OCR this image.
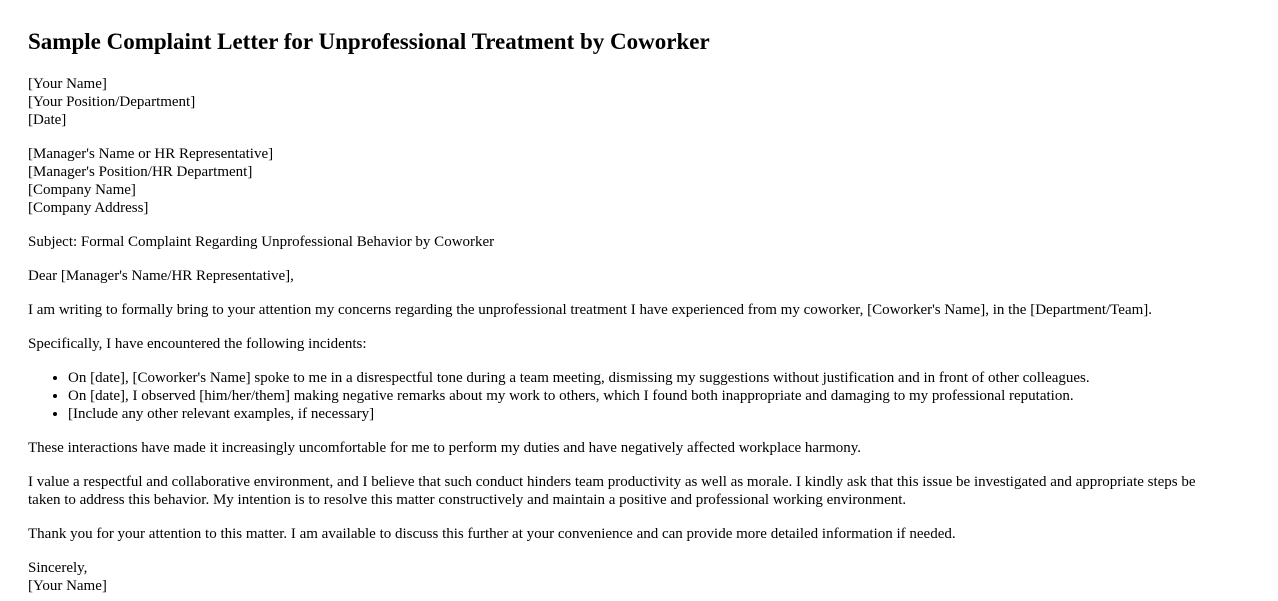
Sample Complaint Letter for Unprofessional Treatment by Coworker
[Your Name]
[Your Position/Department]
[Date]
[Manager's Name or HR Representative]
[Manager's Position/HR Department]
[Company Name]
[Company Address]

Subject: Formal Complaint Regarding Unprofessional Behavior by Coworker

Dear [Manager's Name/HR Representative],

I am writing to formally bring to your attention my concerns regarding the unprofessional treatment I have experienced from my coworker, [Coworker's Name], in the [Department/Team].

Specifically, I have encountered the following incidents:

• On [date], [Coworker's Name] spoke to me in a disrespectful tone during a team meeting, dismissing my suggestions without justification and in front of other colleagues.
• On [date], I observed [him/her/them] making negative remarks about my work to others, which I found both inappropriate and damaging to my professional reputation.
• [Include any other relevant examples, if necessary]

These interactions have made it increasingly uncomfortable for me to perform my duties and have negatively affected workplace harmony.

I value a respectful and collaborative environment, and I believe that such conduct hinders team productivity as well as morale. I kindly ask that this issue be investigated and appropriate steps be taken to address this behavior. My intention is to resolve this matter constructively and maintain a positive and professional working environment.

Thank you for your attention to this matter. I am available to discuss this further at your convenience and can provide more detailed information if needed.

Sincerely,
[Your Name]
